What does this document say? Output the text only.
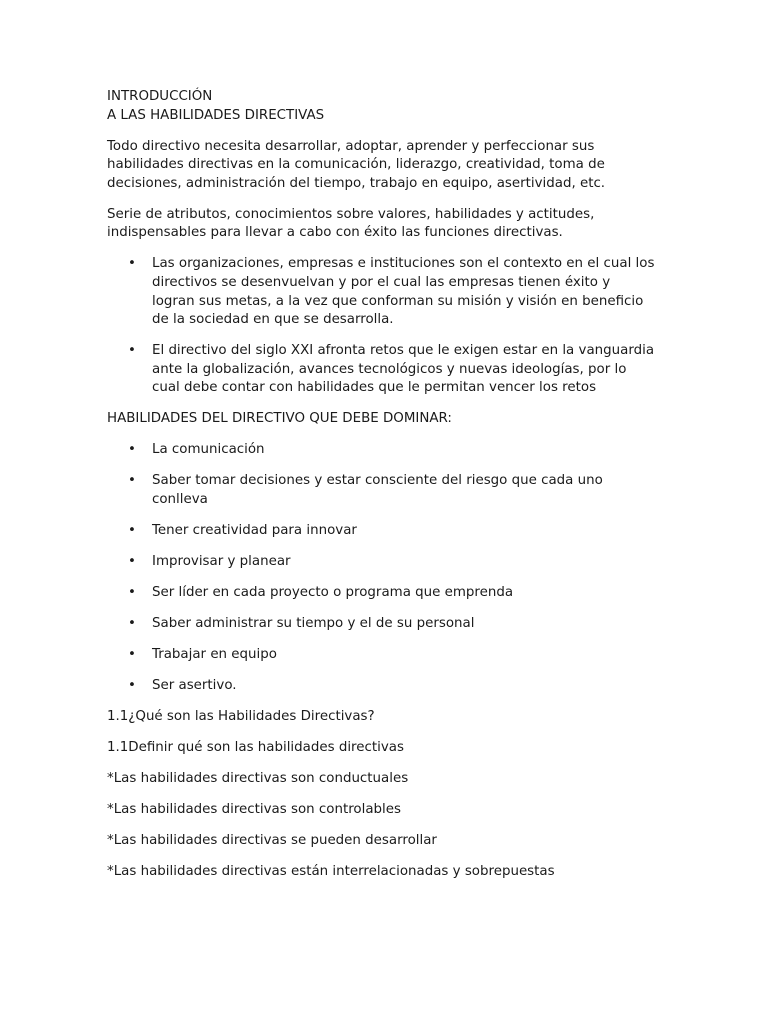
INTRODUCCIÓN
A LAS HABILIDADES DIRECTIVAS
Todo directivo necesita desarrollar, adoptar, aprender y perfeccionar sus
habilidades directivas en la comunicación, liderazgo, creatividad, toma de
decisiones, administración del tiempo, trabajo en equipo, asertividad, etc.
Serie de atributos, conocimientos sobre valores, habilidades y actitudes,
indispensables para llevar a cabo con éxito las funciones directivas.
• Las organizaciones, empresas e instituciones son el contexto en el cual los
directivos se desenvuelvan y por el cual las empresas tienen éxito y
logran sus metas, a la vez que conforman su misión y visión en beneficio
de la sociedad en que se desarrolla.
• El directivo del siglo XXI afronta retos que le exigen estar en la vanguardia
ante la globalización, avances tecnológicos y nuevas ideologías, por lo
cual debe contar con habilidades que le permitan vencer los retos
HABILIDADES DEL DIRECTIVO QUE DEBE DOMINAR:
• La comunicación
• Saber tomar decisiones y estar consciente del riesgo que cada uno
conlleva
• Tener creatividad para innovar
• Improvisar y planear
• Ser líder en cada proyecto o programa que emprenda
• Saber administrar su tiempo y el de su personal
• Trabajar en equipo
• Ser asertivo.
1.1¿Qué son las Habilidades Directivas?
1.1Definir qué son las habilidades directivas
*Las habilidades directivas son conductuales
*Las habilidades directivas son controlables
*Las habilidades directivas se pueden desarrollar
*Las habilidades directivas están interrelacionadas y sobrepuestas
